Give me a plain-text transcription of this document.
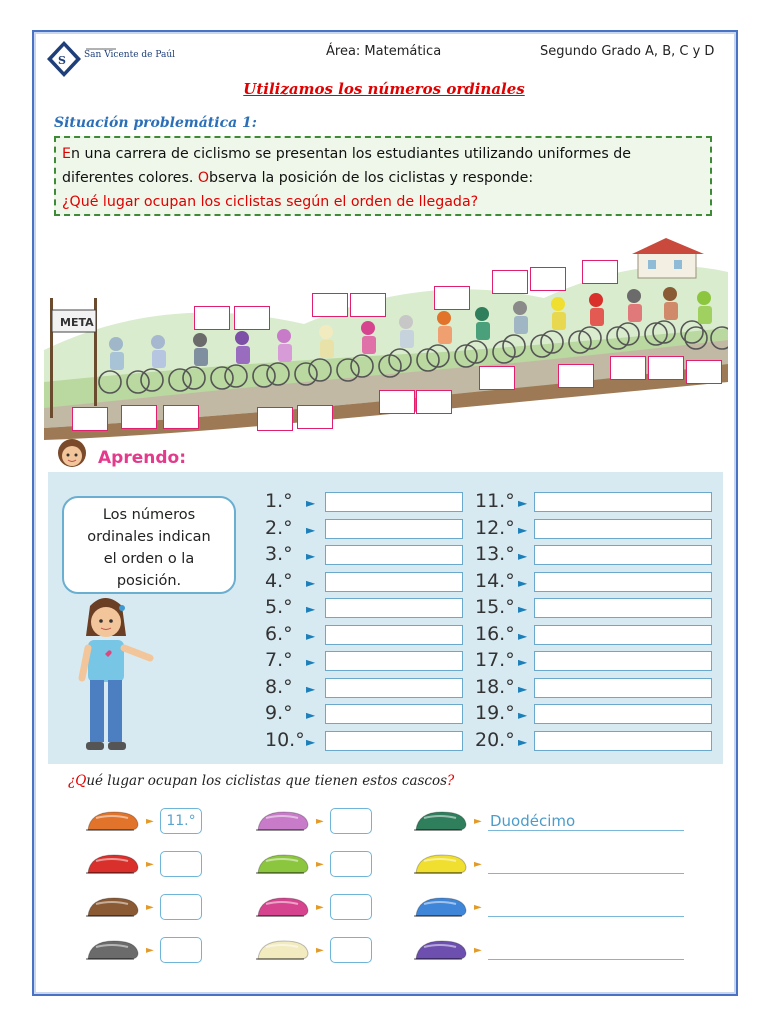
S San Vicente de Paúl	Área: Matemática	Segundo Grado A, B, C y D
Utilizamos los números ordinales
Situación problemática 1:
En una carrera de ciclismo se presentan los estudiantes utilizando uniformes de
diferentes colores. Observa la posición de los ciclistas y responde:
¿Qué lugar ocupan los ciclistas según el orden de llegada?
META
Aprendo:
Los números
ordinales indican
el orden o la
posición.
1.° ►
2.° ►
3.° ►
4.° ►
5.° ►
6.° ►
7.° ►
8.° ►
9.° ►
10.° ►
11.° ►
12.° ►
13.° ►
14.° ►
15.° ►
16.° ►
17.° ►
18.° ►
19.° ►
20.° ►
¿Qué lugar ocupan los ciclistas que tienen estos cascos?
► 11.°
►
►
►
►
►
►
►
► Duodécimo
►
►
►
